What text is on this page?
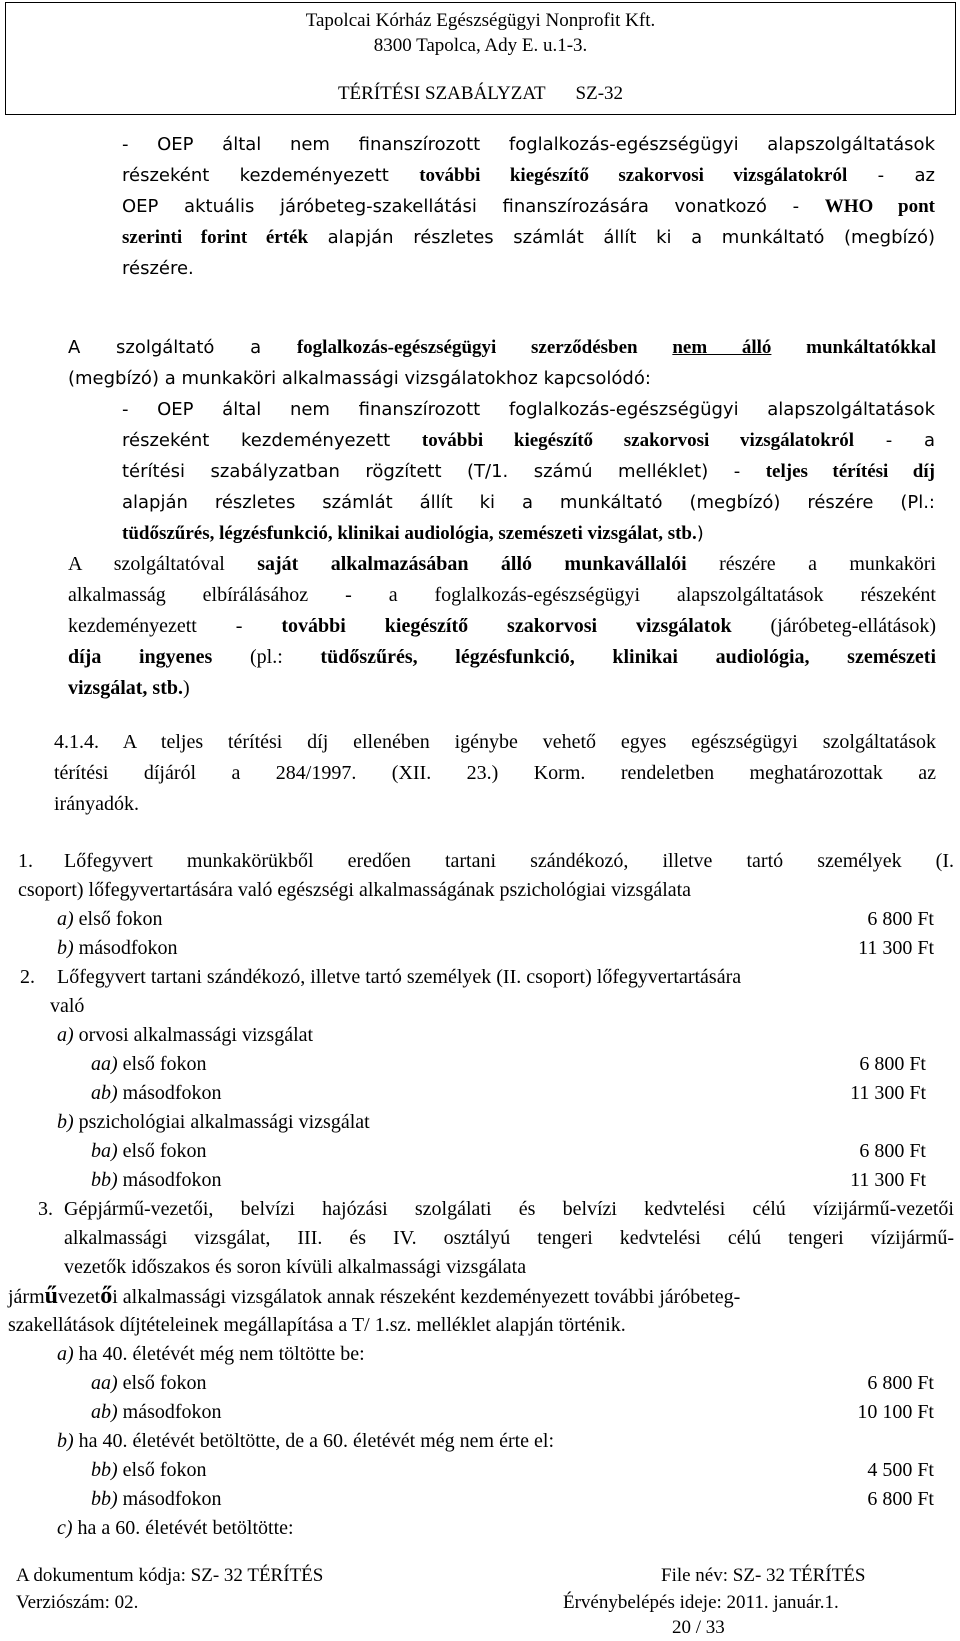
Tapolcai Kórház Egészségügyi Nonprofit Kft.
8300 Tapolca, Ady E. u.1-3.
TÉRÍTÉSI SZABÁLYZAT SZ-32
- OEP által nem finanszírozott foglalkozás-egészségügyi alapszolgáltatások
részeként kezdeményezett további kiegészítő szakorvosi vizsgálatokról - az
OEP aktuális járóbeteg-szakellátási finanszírozására vonatkozó - WHO pont
szerinti forint érték alapján részletes számlát állít ki a munkáltató (megbízó)
részére.
A szolgáltató a foglalkozás-egészségügyi szerződésben nem álló munkáltatókkal
(megbízó) a munkaköri alkalmassági vizsgálatokhoz kapcsolódó:
- OEP által nem finanszírozott foglalkozás-egészségügyi alapszolgáltatások
részeként kezdeményezett további kiegészítő szakorvosi vizsgálatokról - a
térítési szabályzatban rögzített (T/1. számú melléklet) - teljes térítési díj
alapján részletes számlát állít ki a munkáltató (megbízó) részére (Pl.:
tüdőszűrés, légzésfunkció, klinikai audiológia, szemészeti vizsgálat, stb.)
A szolgáltatóval saját alkalmazásában álló munkavállalói részére a munkaköri
alkalmasság elbírálásához - a foglalkozás-egészségügyi alapszolgáltatások részeként
kezdeményezett - további kiegészítő szakorvosi vizsgálatok (járóbeteg-ellátások)
díja ingyenes (pl.: tüdőszűrés, légzésfunkció, klinikai audiológia, szemészeti
vizsgálat, stb.)
4.1.4. A teljes térítési díj ellenében igénybe vehető egyes egészségügyi szolgáltatások
térítési díjáról a 284/1997. (XII. 23.) Korm. rendeletben meghatározottak az
irányadók.
1. Lőfegyvert munkakörükből eredően tartani szándékozó, illetve tartó személyek (I.
csoport) lőfegyvertartására való egészségi alkalmasságának pszichológiai vizsgálata
a) első fokon	6 800 Ft
b) másodfokon	11 300 Ft
2. Lőfegyvert tartani szándékozó, illetve tartó személyek (II. csoport) lőfegyvertartására
való
a) orvosi alkalmassági vizsgálat
aa) első fokon	6 800 Ft
ab) másodfokon	11 300 Ft
b) pszichológiai alkalmassági vizsgálat
ba) első fokon	6 800 Ft
bb) másodfokon	11 300 Ft
3. Gépjármű-vezetői, belvízi hajózási szolgálati és belvízi kedvtelési célú vízijármű-vezetői
alkalmassági vizsgálat, III. és IV. osztályú tengeri kedvtelési célú tengeri vízijármű-
vezetők időszakos és soron kívüli alkalmassági vizsgálata
járművezetői alkalmassági vizsgálatok annak részeként kezdeményezett további járóbeteg-
szakellátások díjtételeinek megállapítása a T/ 1.sz. melléklet alapján történik.
a) ha 40. életévét még nem töltötte be:
aa) első fokon	6 800 Ft
ab) másodfokon	10 100 Ft
b) ha 40. életévét betöltötte, de a 60. életévét még nem érte el:
bb) első fokon	4 500 Ft
bb) másodfokon	6 800 Ft
c) ha a 60. életévét betöltötte:
A dokumentum kódja: SZ- 32 TÉRÍTÉS	File név: SZ- 32 TÉRÍTÉS
Verziószám: 02.	Érvénybelépés ideje: 2011. január.1.
20 / 33
